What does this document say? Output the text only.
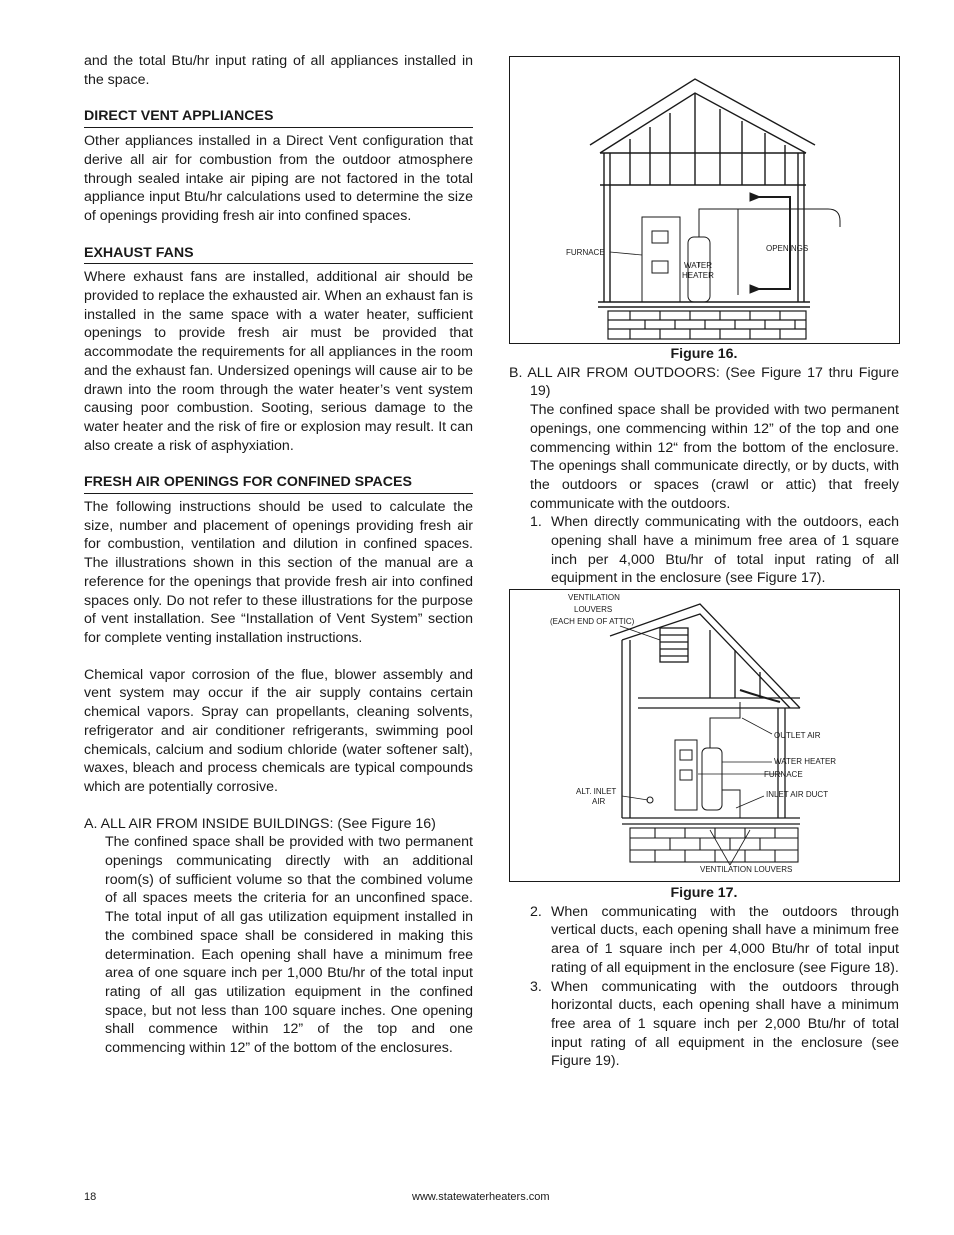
and the total Btu/hr input rating of all appliances installed in the space.

DIRECT VENT APPLIANCES

Other appliances installed in a Direct Vent configuration that derive all air for combustion from the outdoor atmosphere through sealed intake air piping are not factored in the total appliance input Btu/hr calculations used to determine the size of openings providing fresh air into confined spaces.

EXHAUST FANS

Where exhaust fans are installed, additional air should be provided to replace the exhausted air. When an exhaust fan is installed in the same space with a water heater, sufficient openings to provide fresh air must be provided that accommodate the requirements for all appliances in the room and the exhaust fan. Undersized openings will cause air to be drawn into the room through the water heater’s vent system causing poor combustion. Sooting, serious damage to the water heater and the risk of fire or explosion may result. It can also create a risk of asphyxiation.

FRESH AIR OPENINGS FOR CONFINED SPACES

The following instructions should be used to calculate the size, number and placement of openings providing fresh air for combustion, ventilation and dilution in confined spaces. The illustrations shown in this section of the manual are a reference for the openings that provide fresh air into confined spaces only. Do not refer to these illustrations for the purpose of vent installation. See “Installation of Vent System” section for complete venting installation instructions.

Chemical vapor corrosion of the flue, blower assembly and vent system may occur if the air supply contains certain chemical vapors. Spray can propellants, cleaning solvents, refrigerator and air conditioner refrigerants, swimming pool chemicals, calcium and sodium chloride (water softener salt), waxes, bleach and process chemicals are typical compounds which are potentially corrosive.

A. ALL AIR FROM INSIDE BUILDINGS: (See Figure 16)

The confined space shall be provided with two permanent openings communicating directly with an additional room(s) of sufficient volume so that the combined volume of all spaces meets the criteria for an unconfined space. The total input of all gas utilization equipment installed in the combined space shall be considered in making this determination. Each opening shall have a minimum free area of one square inch per 1,000 Btu/hr of the total input rating of all gas utilization equipment in the confined space, but not less than 100 square inches. One opening shall commence within 12” of the top and one commencing within 12” of the bottom of the enclosures.

FURNACE
WATER
HEATER
OPENINGS
Figure 16.

B. ALL AIR FROM OUTDOORS: (See Figure 17 thru Figure 19)

The confined space shall be provided with two permanent openings, one commencing within 12” of the top and one commencing within 12“ from the bottom of the enclosure. The openings shall communicate directly, or by ducts, with the outdoors or spaces (crawl or attic) that freely communicate with the outdoors.

1. When directly communicating with the outdoors, each opening shall have a minimum free area of 1 square inch per 4,000 Btu/hr of total input rating of all equipment in the enclosure (see Figure 17).
VENTILATION
LOUVERS
(EACH END OF ATTIC)
OUTLET AIR
WATER HEATER
FURNACE
ALT. INLET
AIR
INLET AIR DUCT
VENTILATION LOUVERS
Figure 17.
2. When communicating with the outdoors through vertical ducts, each opening shall have a minimum free area of 1 square inch per 4,000 Btu/hr of total input rating of all equipment in the enclosure (see Figure 18).
3. When communicating with the outdoors through horizontal ducts, each opening shall have a minimum free area of 1 square inch per 2,000 Btu/hr of total input rating of all equipment in the enclosure (see Figure 19).
18	www.statewaterheaters.com
